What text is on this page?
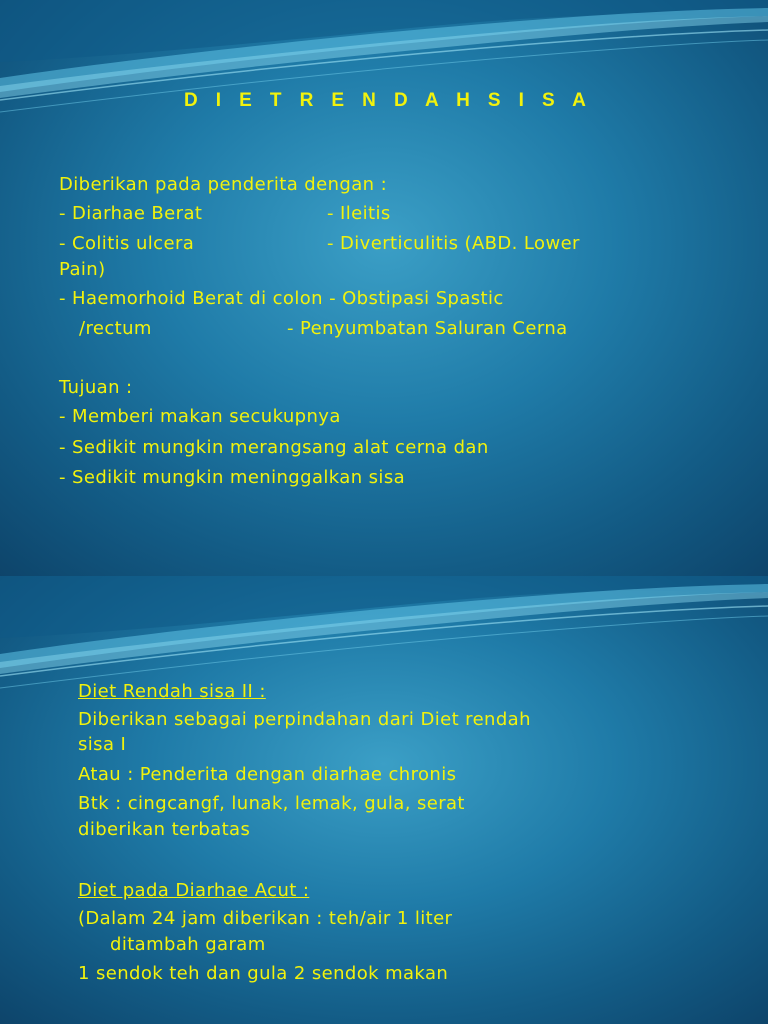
D I E T R E N D A H S I S A
Diberikan pada penderita dengan :
- Diarhae Berat	- Ileitis
- Colitis ulcera	- Diverticulitis (ABD. Lower
Pain)
- Haemorhoid Berat di colon - Obstipasi Spastic
/rectum	- Penyumbatan Saluran Cerna
Tujuan :
- Memberi makan secukupnya
- Sedikit mungkin merangsang alat cerna dan
- Sedikit mungkin meninggalkan sisa
Diet Rendah sisa II :
Diberikan sebagai perpindahan dari Diet rendah
sisa I
Atau : Penderita dengan diarhae chronis
Btk : cingcangf, lunak, lemak, gula, serat
diberikan terbatas
Diet pada Diarhae Acut :
(Dalam 24 jam diberikan : teh/air 1 liter
ditambah garam
1 sendok teh dan gula 2 sendok makan
